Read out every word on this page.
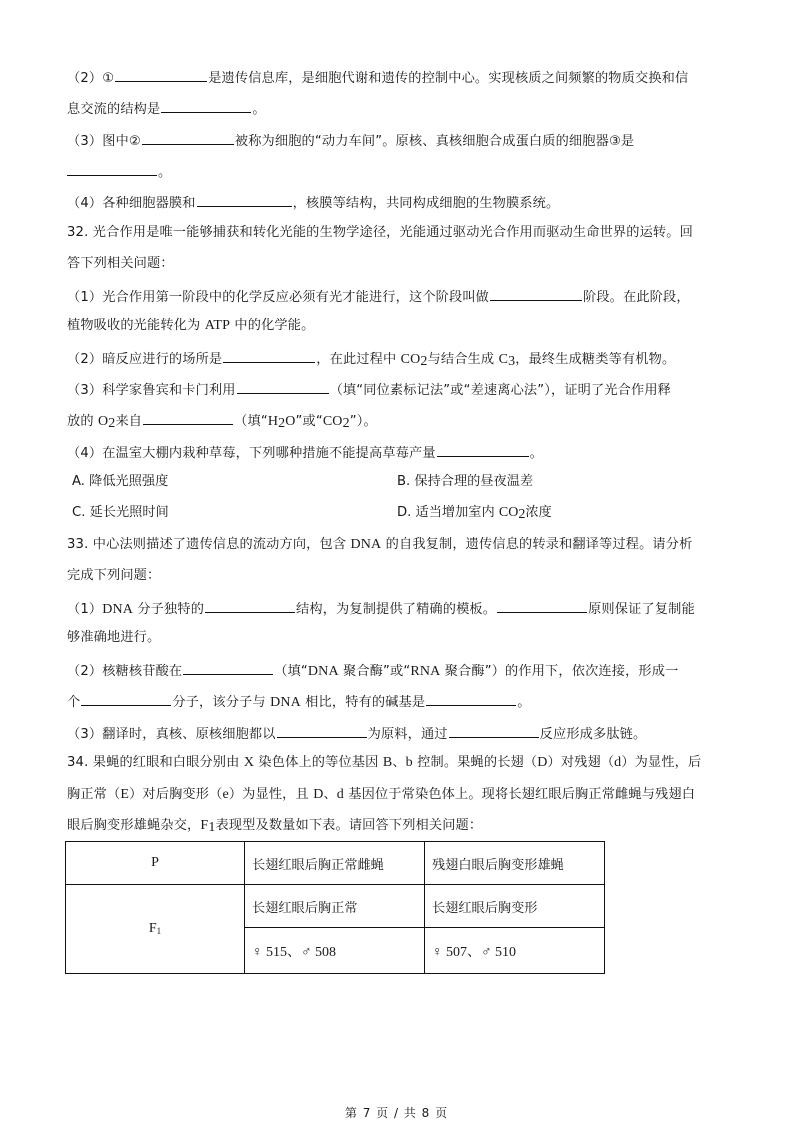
（2）①	是遗传信息库，是细胞代谢和遗传的控制中心。实现核质之间频繁的物质交换和信
息交流的结构是	。
（3）图中②	被称为细胞的“动力车间”。原核、真核细胞合成蛋白质的细胞器③是
。
（4）各种细胞器膜和	，核膜等结构，共同构成细胞的生物膜系统。
32. 光合作用是唯一能够捕获和转化光能的生物学途径，光能通过驱动光合作用而驱动生命世界的运转。回
答下列相关问题：
（1）光合作用第一阶段中的化学反应必须有光才能进行，这个阶段叫做	阶段。在此阶段，
植物吸收的光能转化为 ATP 中的化学能。
（2）暗反应进行的场所是	，在此过程中 $CO_2$与结合生成 $C_3$，最终生成糖类等有机物。
（3）科学家鲁宾和卡门利用	（填“同位素标记法”或“差速离心法”），证明了光合作用释
放的 $O_2$来自	（填“$H_2O$”或“$CO_2$”）。
（4）在温室大棚内栽种草莓，下列哪种措施不能提高草莓产量	。
A. 降低光照强度	B. 保持合理的昼夜温差
C. 延长光照时间	D. 适当增加室内 $CO_2$浓度
33. 中心法则描述了遗传信息的流动方向，包含 DNA 的自我复制，遗传信息的转录和翻译等过程。请分析
完成下列问题：
（1）DNA 分子独特的	结构，为复制提供了精确的模板。	原则保证了复制能
够准确地进行。
（2）核糖核苷酸在	（填“DNA 聚合酶”或“RNA 聚合酶”）的作用下，依次连接，形成一
个	分子，该分子与 DNA 相比，特有的碱基是	。
（3）翻译时，真核、原核细胞都以	为原料，通过	反应形成多肽链。
34. 果蝇的红眼和白眼分别由 X 染色体上的等位基因 B、b 控制。果蝇的长翅（D）对残翅（d）为显性，后
胸正常（E）对后胸变形（e）为显性，且 D、d 基因位于常染色体上。现将长翅红眼后胸正常雌蝇与残翅白
眼后胸变形雄蝇杂交，$F_1$表现型及数量如下表。请回答下列相关问题：
P	长翅红眼后胸正常雌蝇	残翅白眼后胸变形雄蝇
$F_1$	长翅红眼后胸正常	长翅红眼后胸变形
	♀ 515、♂ 508	♀ 507、♂ 510
第 7 页 / 共 8 页
